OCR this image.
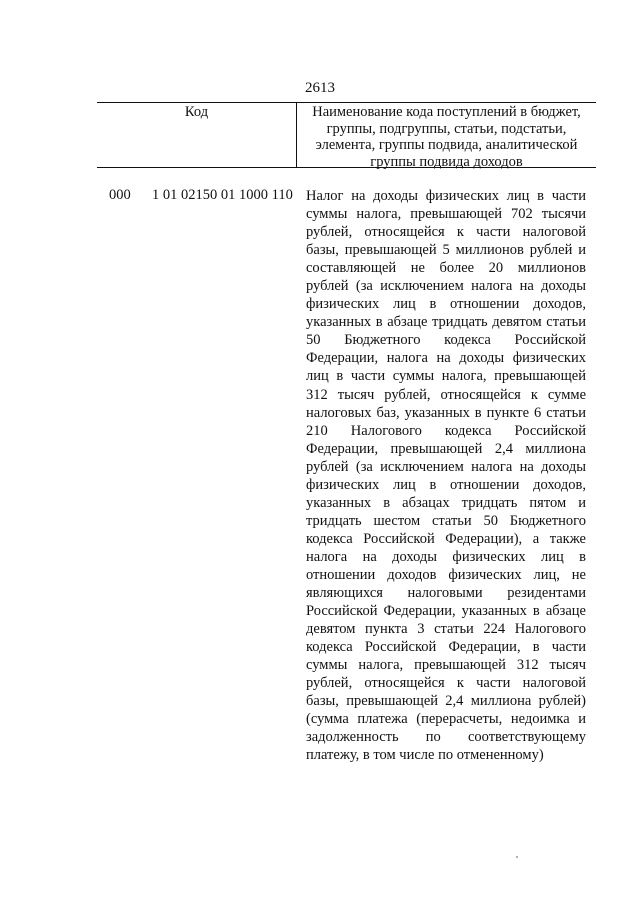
2613
Код	Наименование кода поступлений в бюджет, группы, подгруппы, статьи, подстатьи, элемента, группы подвида, аналитической группы подвида доходов
000 1 01 02150 01 1000 110 Налог на доходы физических лиц в части суммы налога, превышающей 702 тысячи рублей, относящейся к части налоговой базы, превышающей 5 миллионов рублей и составляющей не более 20 миллионов рублей (за исключением налога на доходы физических лиц в отношении доходов, указанных в абзаце тридцать девятом статьи 50 Бюджетного кодекса Российской Федерации, налога на доходы физических лиц в части суммы налога, превышающей 312 тысяч рублей, относящейся к сумме налоговых баз, указанных в пункте 6 статьи 210 Налогового кодекса Российской Федерации, превышающей 2,4 миллиона рублей (за исключением налога на доходы физических лиц в отношении доходов, указанных в абзацах тридцать пятом и тридцать шестом статьи 50 Бюджетного кодекса Российской Федерации), а также налога на доходы физических лиц в отношении доходов физических лиц, не являющихся налоговыми резидентами Российской Федерации, указанных в абзаце девятом пункта 3 статьи 224 Налогового кодекса Российской Федерации, в части суммы налога, превышающей 312 тысяч рублей, относящейся к части налоговой базы, превышающей 2,4 миллиона рублей) (сумма платежа (перерасчеты, недоимка и задолженность по соответствующему платежу, в том числе по отмененному)
